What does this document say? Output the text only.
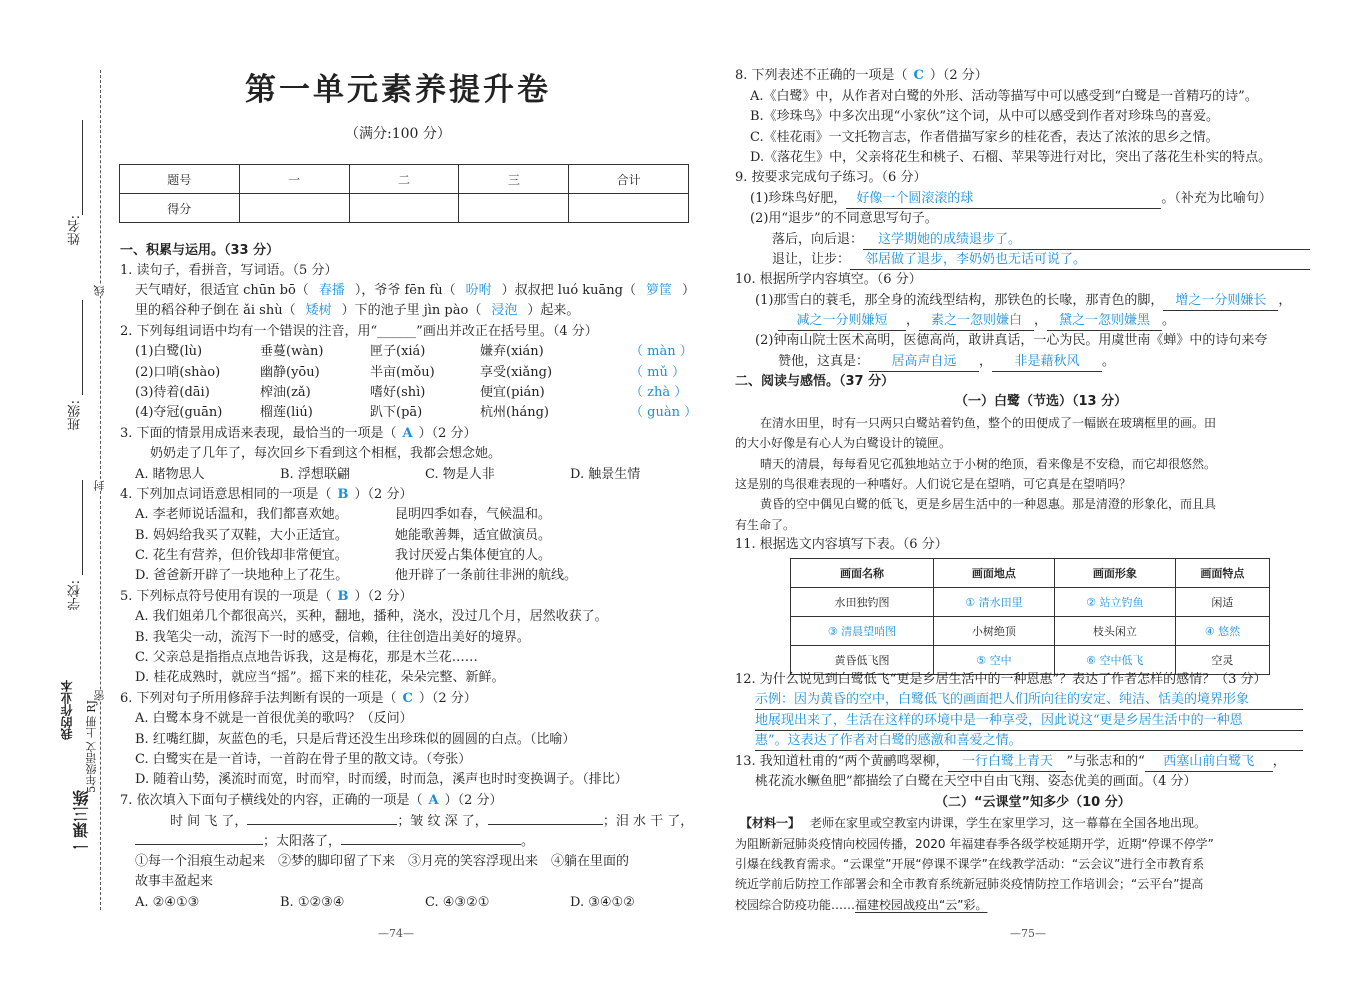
姓名:
班级:
学校:
线
封
密
一课三练
我的作业本 5年级语文 上册 RJ
第一单元素养提升卷
（满分:100 分）
题号	一	二	三	合计
得分				
一、积累与运用。（33 分）
1. 读句子，看拼音，写词语。（5 分）
天气晴好，很适宜 chūn bō（ 春播 ），爷爷 fēn fù（ 吩咐 ）叔叔把 luó kuāng（ 箩筐 ）
里的稻谷种子倒在 ǎi shù（ 矮树 ）下的池子里 jìn pào（ 浸泡 ）起来。
2. 下列每组词语中均有一个错误的注音，用“______”画出并改正在括号里。（4 分）
(1)白鹭(lù)	垂蔓(wàn)	匣子(xiá)	嫌弃(xián)	（ màn ）
(2)口哨(shào)	幽静(yōu)	半亩(mǒu)	享受(xiǎng)	（ mǔ ）
(3)待着(dāi)	榨油(zǎ)	嗜好(shì)	便宜(pián)	（ zhà ）
(4)夺冠(guān)	榴莲(liú)	趴下(pā)	杭州(háng)	（ guàn ）
3. 下面的情景用成语来表现，最恰当的一项是（ A ）（2 分）
奶奶走了几年了，每次回乡下看到这个相框，我都会想念她。
A. 睹物思人	B. 浮想联翩	C. 物是人非	D. 触景生情
4. 下列加点词语意思相同的一项是（ B ）（2 分）
A. 李老师说话温和，我们都喜欢她。	昆明四季如春，气候温和。
B. 妈妈给我买了双鞋，大小正适宜。	她能歌善舞，适宜做演员。
C. 花生有营养，但价钱却非常便宜。	我讨厌爱占集体便宜的人。
D. 爸爸新开辟了一块地种上了花生。	他开辟了一条前往非洲的航线。
5. 下列标点符号使用有误的一项是（ B ）（2 分）
A. 我们姐弟几个都很高兴，买种，翻地，播种，浇水，没过几个月，居然收获了。
B. 我笔尖一动，流泻下一时的感受，信赖，往往创造出美好的境界。
C. 父亲总是指指点点地告诉我，这是梅花，那是木兰花……
D. 桂花成熟时，就应当“摇”。摇下来的桂花，朵朵完整、新鲜。
6. 下列对句子所用修辞手法判断有误的一项是（ C ）（2 分）
A. 白鹭本身不就是一首很优美的歌吗？（反问）
B. 红嘴红脚，灰蓝色的毛，只是后背还没生出珍珠似的圆圆的白点。（比喻）
C. 白鹭实在是一首诗，一首韵在骨子里的散文诗。（夸张）
D. 随着山势，溪流时而宽，时而窄，时而缓，时而急，溪声也时时变换调子。（排比）
7. 依次填入下面句子横线处的内容，正确的一项是（ A ）（2 分）
时 间 飞 了，	；皱 纹 深 了，	；泪 水 干 了，
；太阳落了，	。
①每一个泪痕生动起来　②梦的脚印留了下来　③月亮的笑容浮现出来　④躺在里面的
故事丰盈起来
A. ②④①③	B. ①②③④	C. ④③②①	D. ③④①②
—74—
8. 下列表述不正确的一项是（ C ）（2 分）
A.《白鹭》中，从作者对白鹭的外形、活动等描写中可以感受到“白鹭是一首精巧的诗”。
B.《珍珠鸟》中多次出现“小家伙”这个词，从中可以感受到作者对珍珠鸟的喜爱。
C.《桂花雨》一文托物言志，作者借描写家乡的桂花香，表达了浓浓的思乡之情。
D.《落花生》中，父亲将花生和桃子、石榴、苹果等进行对比，突出了落花生朴实的特点。
9. 按要求完成句子练习。（6 分）
(1)珍珠鸟好肥， 好像一个圆滚滚的球	。（补充为比喻句）
(2)用“退步”的不同意思写句子。
落后，向后退： 这学期她的成绩退步了。
退让，让步： 邻居做了退步，李奶奶也无话可说了。
10. 根据所学内容填空。（6 分）
(1)那雪白的蓑毛，那全身的流线型结构，那铁色的长喙，那青色的脚， 增之一分则嫌长 ，
减之一分则嫌短 ， 素之一忽则嫌白 ， 黛之一忽则嫌黑 。
(2)钟南山院士医术高明，医德高尚，敢讲真话，一心为民。用虞世南《蝉》中的诗句来夸
赞他，这真是： 居高声自远 ， 非是藉秋风 。
二、阅读与感悟。（37 分）
（一）白鹭（节选）（13 分）
在清水田里，时有一只两只白鹭站着钓鱼，整个的田便成了一幅嵌在玻璃框里的画。田
的大小好像是有心人为白鹭设计的镜匣。
晴天的清晨，每每看见它孤独地站立于小树的绝顶，看来像是不安稳，而它却很悠然。
这是别的鸟很难表现的一种嗜好。人们说它是在望哨，可它真是在望哨吗？
黄昏的空中偶见白鹭的低飞，更是乡居生活中的一种恩惠。那是清澄的形象化，而且具
有生命了。
11. 根据选文内容填写下表。（6 分）
画面名称	画面地点	画面形象	画面特点
水田独钓图	① 清水田里	② 站立钓鱼	闲适
③ 清晨望哨图	小树绝顶	枝头闲立	④ 悠然
黄昏低飞图	⑤ 空中	⑥ 空中低飞	空灵
12. 为什么说见到白鹭低飞“更是乡居生活中的一种恩惠”？表达了作者怎样的感情？（3 分）
示例：因为黄昏的空中，白鹭低飞的画面把人们所向往的安定、纯洁、恬美的境界形象
地展现出来了，生活在这样的环境中是一种享受，因此说这“更是乡居生活中的一种恩
惠”。这表达了作者对白鹭的感激和喜爱之情。
13. 我知道杜甫的“两个黄鹂鸣翠柳， 一行白鹭上青天 ”与张志和的“ 西塞山前白鹭飞 ，
桃花流水鳜鱼肥”都描绘了白鹭在天空中自由飞翔、姿态优美的画面。（4 分）
（二）“云课堂”知多少（10 分）
【材料一】 老师在家里或空教室内讲课，学生在家里学习，这一幕幕在全国各地出现。
为阻断新冠肺炎疫情向校园传播，2020 年福建春季各级学校延期开学，近期“停课不停学”
引爆在线教育需求。“云课堂”开展“停课不课学”在线教学活动：“云会议”进行全市教育系
统近学前后防控工作部署会和全市教育系统新冠肺炎疫情防控工作培训会；“云平台”提高
校园综合防疫功能……福建校园战疫出“云”彩。
—75—
